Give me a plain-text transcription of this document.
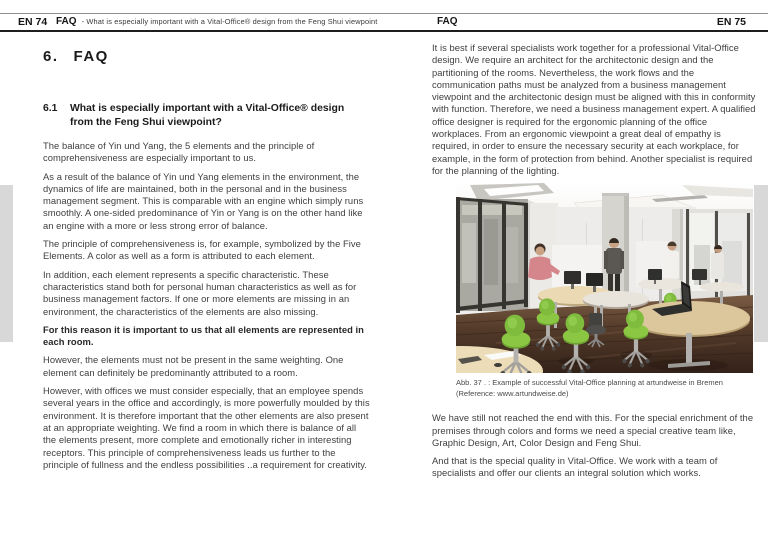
EN 74 FAQ - What is especially important with a Vital-Office® design from the Feng Shui viewpoint	FAQ	EN 75
6. FAQ
6.1	What is especially important with a Vital-Office® design from the Feng Shui viewpoint?

The balance of Yin und Yang, the 5 elements and the principle of comprehensiveness are especially important to us.

As a result of the balance of Yin und Yang elements in the environment, the dynamics of life are maintained, both in the personal and in the business management segment. This is comparable with an engine which simply runs smoothly. A one-sided predominance of Yin or Yang is on the other hand like an engine with a more or less strong error of balance.

The principle of comprehensiveness is, for example, symbolized by the Five Elements. A color as well as a form is attributed to each element.

In addition, each element represents a specific characteristic. These characteristics stand both for personal human characteristics as well as for business management factors. If one or more elements are missing in an environment, the characteristics of the elements are also missing.

For this reason it is important to us that all elements are represented in each room.

However, the elements must not be present in the same weighting. One element can definitely be predominantly attributed to a room.

However, with offices we must consider especially, that an employee spends several years in the office and accordingly, is more powerfully moulded by this environment. It is therefore important that the other elements are also present at an appropriate weighting. We find a room in which there is balance of all the elements present, more complete and emotionally richer in interesting receptors. This principle of comprehensiveness leads us further to the principle of fullness and the endless possibilities ..a requirement for creativity.

It is best if several specialists work together for a professional Vital-Office design. We require an architect for the architectonic design and the partitioning of the rooms. Nevertheless, the work flows and the communication paths must be analyzed from a business management viewpoint and the architectonic design must be aligned with this in conformity with function. Therefore, we need a business management expert. A qualified office designer is required for the ergonomic planning of the office workplaces. From an ergonomic viewpoint a great deal of empathy is required, in order to ensure the necessary security at each workplace, for example, in the form of protection from behind. Another specialist is required for the planning of the lighting.

Abb. 37 . : Example of successful Vital-Office planning at artundweise in Bremen (Reference: www.artundweise.de)

We have still not reached the end with this. For the special enrichment of the premises through colors and forms we need a special creative team like, Graphic Design, Art, Color Design and Feng Shui.

And that is the special quality in Vital-Office. We work with a team of specialists and offer our clients an integral solution which works.
